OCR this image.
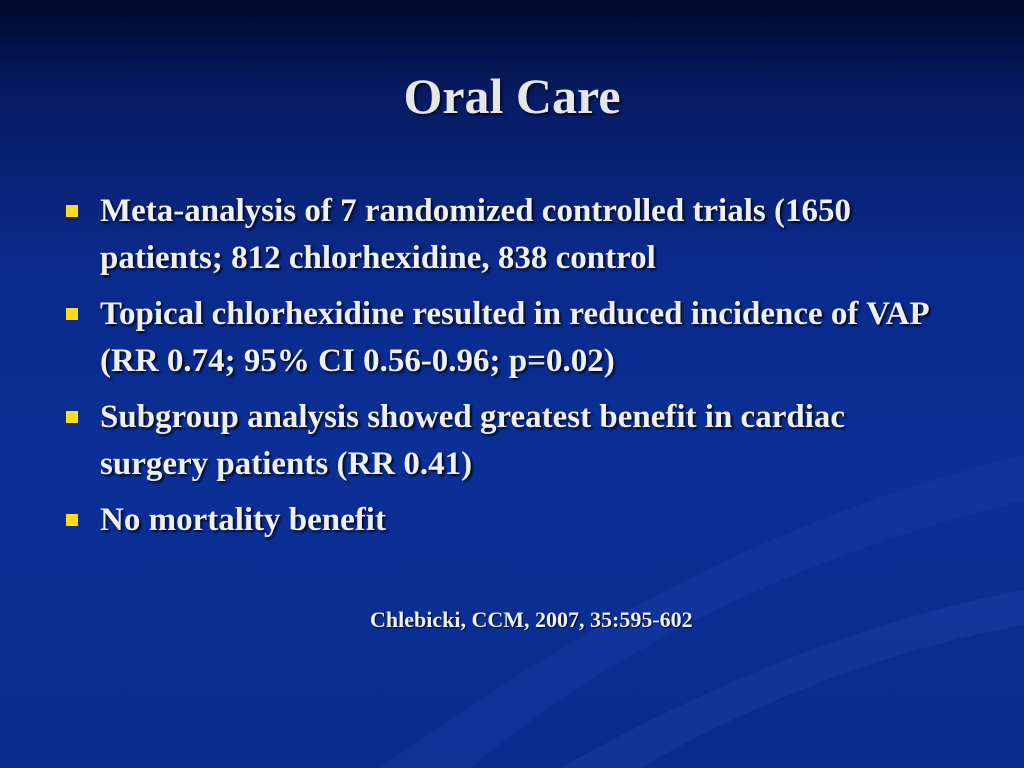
Oral Care
Meta-analysis of 7 randomized controlled trials (1650 patients; 812 chlorhexidine, 838 control
Topical chlorhexidine resulted in reduced incidence of VAP (RR 0.74; 95% CI 0.56-0.96; p=0.02)
Subgroup analysis showed greatest benefit in cardiac surgery patients (RR 0.41)
No mortality benefit
Chlebicki, CCM, 2007, 35:595-602
